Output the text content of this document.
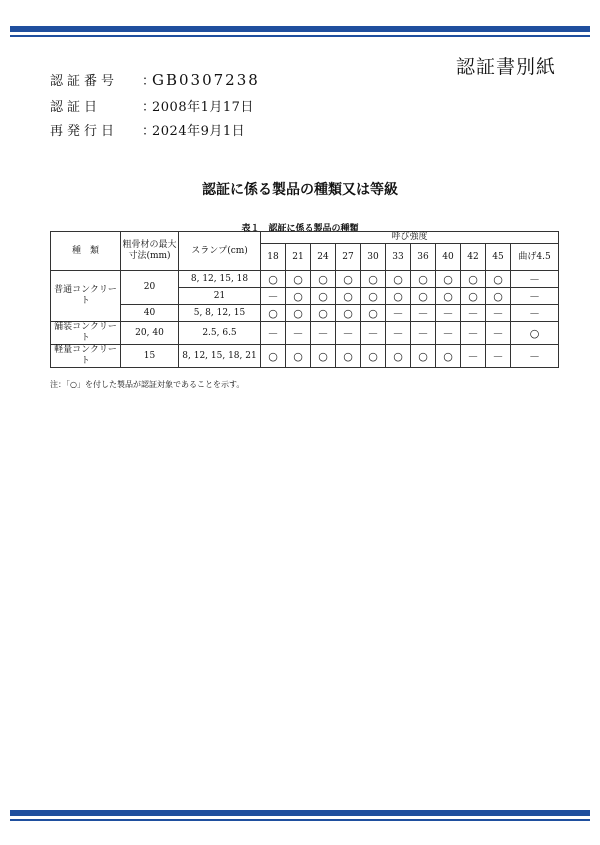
認証書別紙
認証番号 ：GB0307238
認証日	：2008年1月17日
再発行日 ：2024年9月1日
認証に係る製品の種類又は等級
表１　認証に係る製品の種類
種　類	粗骨材の最大寸法(mm)	スランプ(cm)	呼び強度										
			18	21	24	27	30	33	36	40	42	45	曲げ4.5
普通コンクリート	20	8, 12, 15, 18	○	○	○	○	○	○	○	○	○	○	－
		21	－	○	○	○	○	○	○	○	○	○	－
	40	5, 8, 12, 15	○	○	○	○	○	－	－	－	－	－	－
舗装コンクリート	20, 40	2.5, 6.5	－	－	－	－	－	－	－	－	－	－	○
軽量コンクリート	15	8, 12, 15, 18, 21	○	○	○	○	○	○	○	○	－	－	－
注：「○」を付した製品が認証対象であることを示す。
